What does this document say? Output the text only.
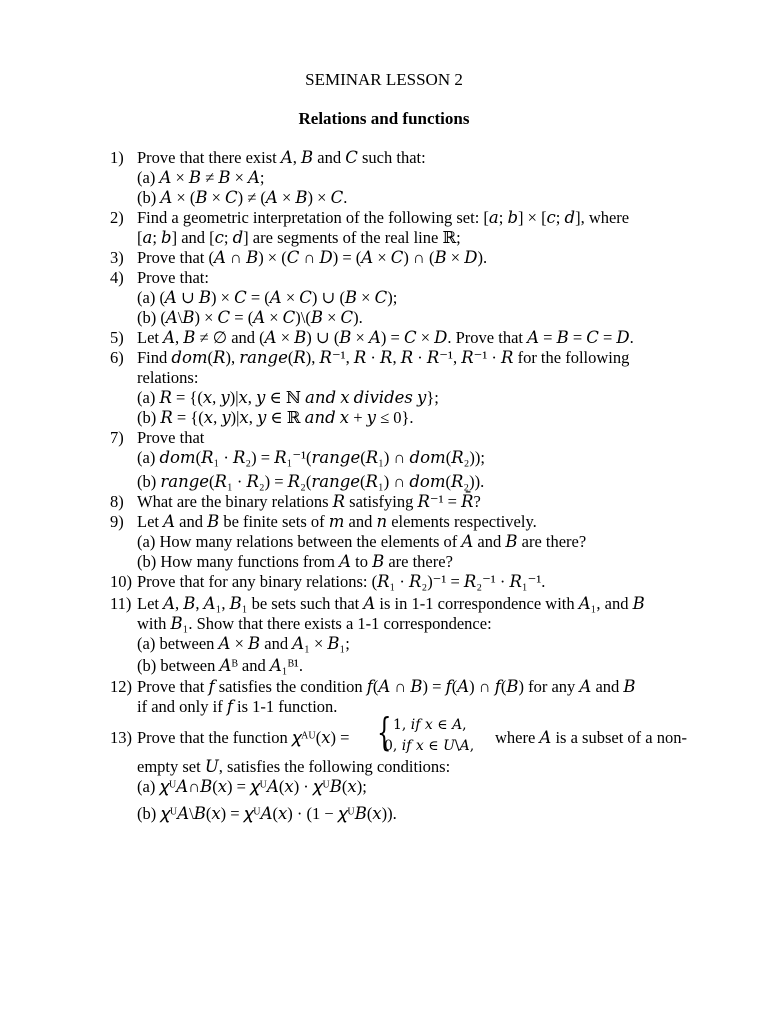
SEMINAR LESSON 2
Relations and functions
1) Prove that there exist 𝐴, 𝐵 and 𝐶 such that:
(a) 𝐴 × 𝐵 ≠ 𝐵 × 𝐴;
(b) 𝐴 × (𝐵 × 𝐶) ≠ (𝐴 × 𝐵) × 𝐶.
2) Find a geometric interpretation of the following set: [𝑎; 𝑏] × [𝑐; 𝑑], where
[𝑎; 𝑏] and [𝑐; 𝑑] are segments of the real line ℝ;
3) Prove that (𝐴 ∩ 𝐵) × (𝐶 ∩ 𝐷) = (𝐴 × 𝐶) ∩ (𝐵 × 𝐷).
4) Prove that:
(a) (𝐴 ∪ 𝐵) × 𝐶 = (𝐴 × 𝐶) ∪ (𝐵 × 𝐶);
(b) (𝐴\𝐵) × 𝐶 = (𝐴 × 𝐶)\(𝐵 × 𝐶).
5) Let 𝐴, 𝐵 ≠ ∅ and (𝐴 × 𝐵) ∪ (𝐵 × 𝐴) = 𝐶 × 𝐷. Prove that 𝐴 = 𝐵 = 𝐶 = 𝐷.
6) Find 𝑑𝑜𝑚(𝑅), 𝑟𝑎𝑛𝑔𝑒(𝑅), 𝑅⁻¹, 𝑅 · 𝑅, 𝑅 · 𝑅⁻¹, 𝑅⁻¹ · 𝑅 for the following
relations:
(a) 𝑅 = {(𝑥, 𝑦)|𝑥, 𝑦 ∈ ℕ 𝑎𝑛𝑑 𝑥 𝑑𝑖𝑣𝑖𝑑𝑒𝑠 𝑦};
(b) 𝑅 = {(𝑥, 𝑦)|𝑥, 𝑦 ∈ ℝ 𝑎𝑛𝑑 𝑥 + 𝑦 ≤ 0}.
7) Prove that
(a) 𝑑𝑜𝑚(𝑅₁ · 𝑅₂) = 𝑅₁⁻¹(𝑟𝑎𝑛𝑔𝑒(𝑅₁) ∩ 𝑑𝑜𝑚(𝑅₂));
(b) 𝑟𝑎𝑛𝑔𝑒(𝑅₁ · 𝑅₂) = 𝑅₂(𝑟𝑎𝑛𝑔𝑒(𝑅₁) ∩ 𝑑𝑜𝑚(𝑅₂)).
8) What are the binary relations 𝑅 satisfying 𝑅⁻¹ = 𝑅̄?
9) Let 𝐴 and 𝐵 be finite sets of 𝑚 and 𝑛 elements respectively.
(a) How many relations between the elements of 𝐴 and 𝐵 are there?
(b) How many functions from 𝐴 to 𝐵 are there?
10) Prove that for any binary relations: (𝑅₁ · 𝑅₂)⁻¹ = 𝑅₂⁻¹ · 𝑅₁⁻¹.
11) Let 𝐴, 𝐵, 𝐴₁, 𝐵₁ be sets such that 𝐴 is in 1-1 correspondence with 𝐴₁, and 𝐵
with 𝐵₁. Show that there exists a 1-1 correspondence:
(a) between 𝐴 × 𝐵 and 𝐴₁ × 𝐵₁;
(b) between 𝐴ᴮ and 𝐴₁ᴮ¹.
12) Prove that 𝑓 satisfies the condition 𝑓(𝐴 ∩ 𝐵) = 𝑓(𝐴) ∩ 𝑓(𝐵) for any 𝐴 and 𝐵
if and only if 𝑓 is 1-1 function.
13) Prove that the function 𝜒ᴬᵁ(𝑥) = { 1, 𝑖𝑓 𝑥 ∈ 𝐴,
0, 𝑖𝑓 𝑥 ∈ 𝑈\𝐴, where 𝐴 is a subset of a non-
empty set 𝑈, satisfies the following conditions:
(a) 𝜒ᵁ𝐴∩𝐵(𝑥) = 𝜒ᵁ𝐴(𝑥) · 𝜒ᵁ𝐵(𝑥);
(b) 𝜒ᵁ𝐴\𝐵(𝑥) = 𝜒ᵁ𝐴(𝑥) · (1 − 𝜒ᵁ𝐵(𝑥)).
